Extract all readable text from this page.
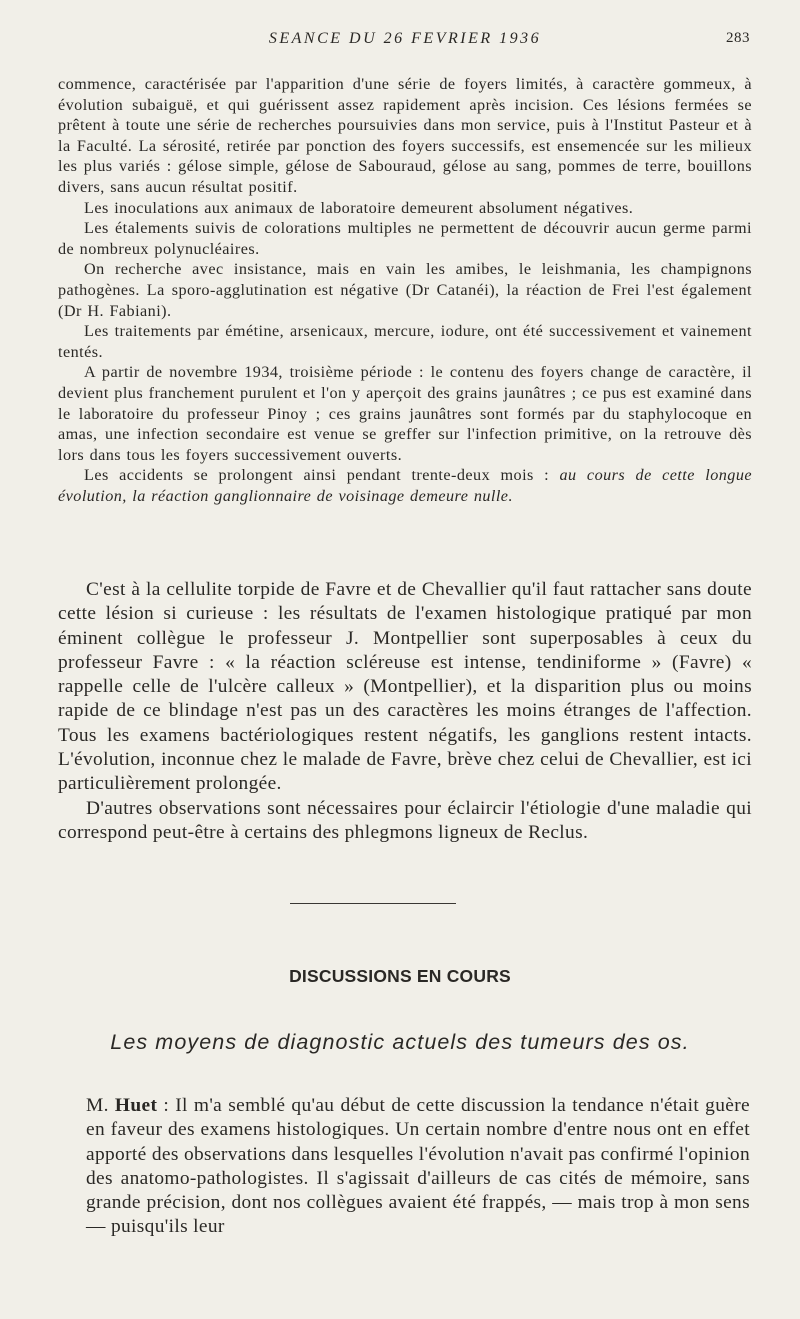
SEANCE DU 26 FEVRIER 1936	283

commence, caractérisée par l'apparition d'une série de foyers limités, à caractère gommeux, à évolution subaiguë, et qui guérissent assez rapidement après incision. Ces lésions fermées se prêtent à toute une série de recherches poursuivies dans mon service, puis à l'Institut Pasteur et à la Faculté. La sérosité, retirée par ponction des foyers successifs, est ensemencée sur les milieux les plus variés : gélose simple, gélose de Sabouraud, gélose au sang, pommes de terre, bouillons divers, sans aucun résultat positif.

Les inoculations aux animaux de laboratoire demeurent absolument négatives.

Les étalements suivis de colorations multiples ne permettent de découvrir aucun germe parmi de nombreux polynucléaires.

On recherche avec insistance, mais en vain les amibes, le leishmania, les champignons pathogènes. La sporo-agglutination est négative (Dr Catanéi), la réaction de Frei l'est également (Dr H. Fabiani).

Les traitements par émétine, arsenicaux, mercure, iodure, ont été successivement et vainement tentés.

A partir de novembre 1934, troisième période : le contenu des foyers change de caractère, il devient plus franchement purulent et l'on y aperçoit des grains jaunâtres ; ce pus est examiné dans le laboratoire du professeur Pinoy ; ces grains jaunâtres sont formés par du staphylocoque en amas, une infection secondaire est venue se greffer sur l'infection primitive, on la retrouve dès lors dans tous les foyers successivement ouverts.

Les accidents se prolongent ainsi pendant trente-deux mois : au cours de cette longue évolution, la réaction ganglionnaire de voisinage demeure nulle.

C'est à la cellulite torpide de Favre et de Chevallier qu'il faut rattacher sans doute cette lésion si curieuse : les résultats de l'examen histologique pratiqué par mon éminent collègue le professeur J. Montpellier sont superposables à ceux du professeur Favre : « la réaction scléreuse est intense, tendiniforme » (Favre) « rappelle celle de l'ulcère calleux » (Montpellier), et la disparition plus ou moins rapide de ce blindage n'est pas un des caractères les moins étranges de l'affection. Tous les examens bactériologiques restent négatifs, les ganglions restent intacts. L'évolution, inconnue chez le malade de Favre, brève chez celui de Chevallier, est ici particulièrement prolongée.

D'autres observations sont nécessaires pour éclaircir l'étiologie d'une maladie qui correspond peut-être à certains des phlegmons ligneux de Reclus.

DISCUSSIONS EN COURS
Les moyens de diagnostic actuels des tumeurs des os.

M. Huet : Il m'a semblé qu'au début de cette discussion la tendance n'était guère en faveur des examens histologiques. Un certain nombre d'entre nous ont en effet apporté des observations dans lesquelles l'évolution n'avait pas confirmé l'opinion des anatomo-pathologistes. Il s'agissait d'ailleurs de cas cités de mémoire, sans grande précision, dont nos collègues avaient été frappés, — mais trop à mon sens — puisqu'ils leur
